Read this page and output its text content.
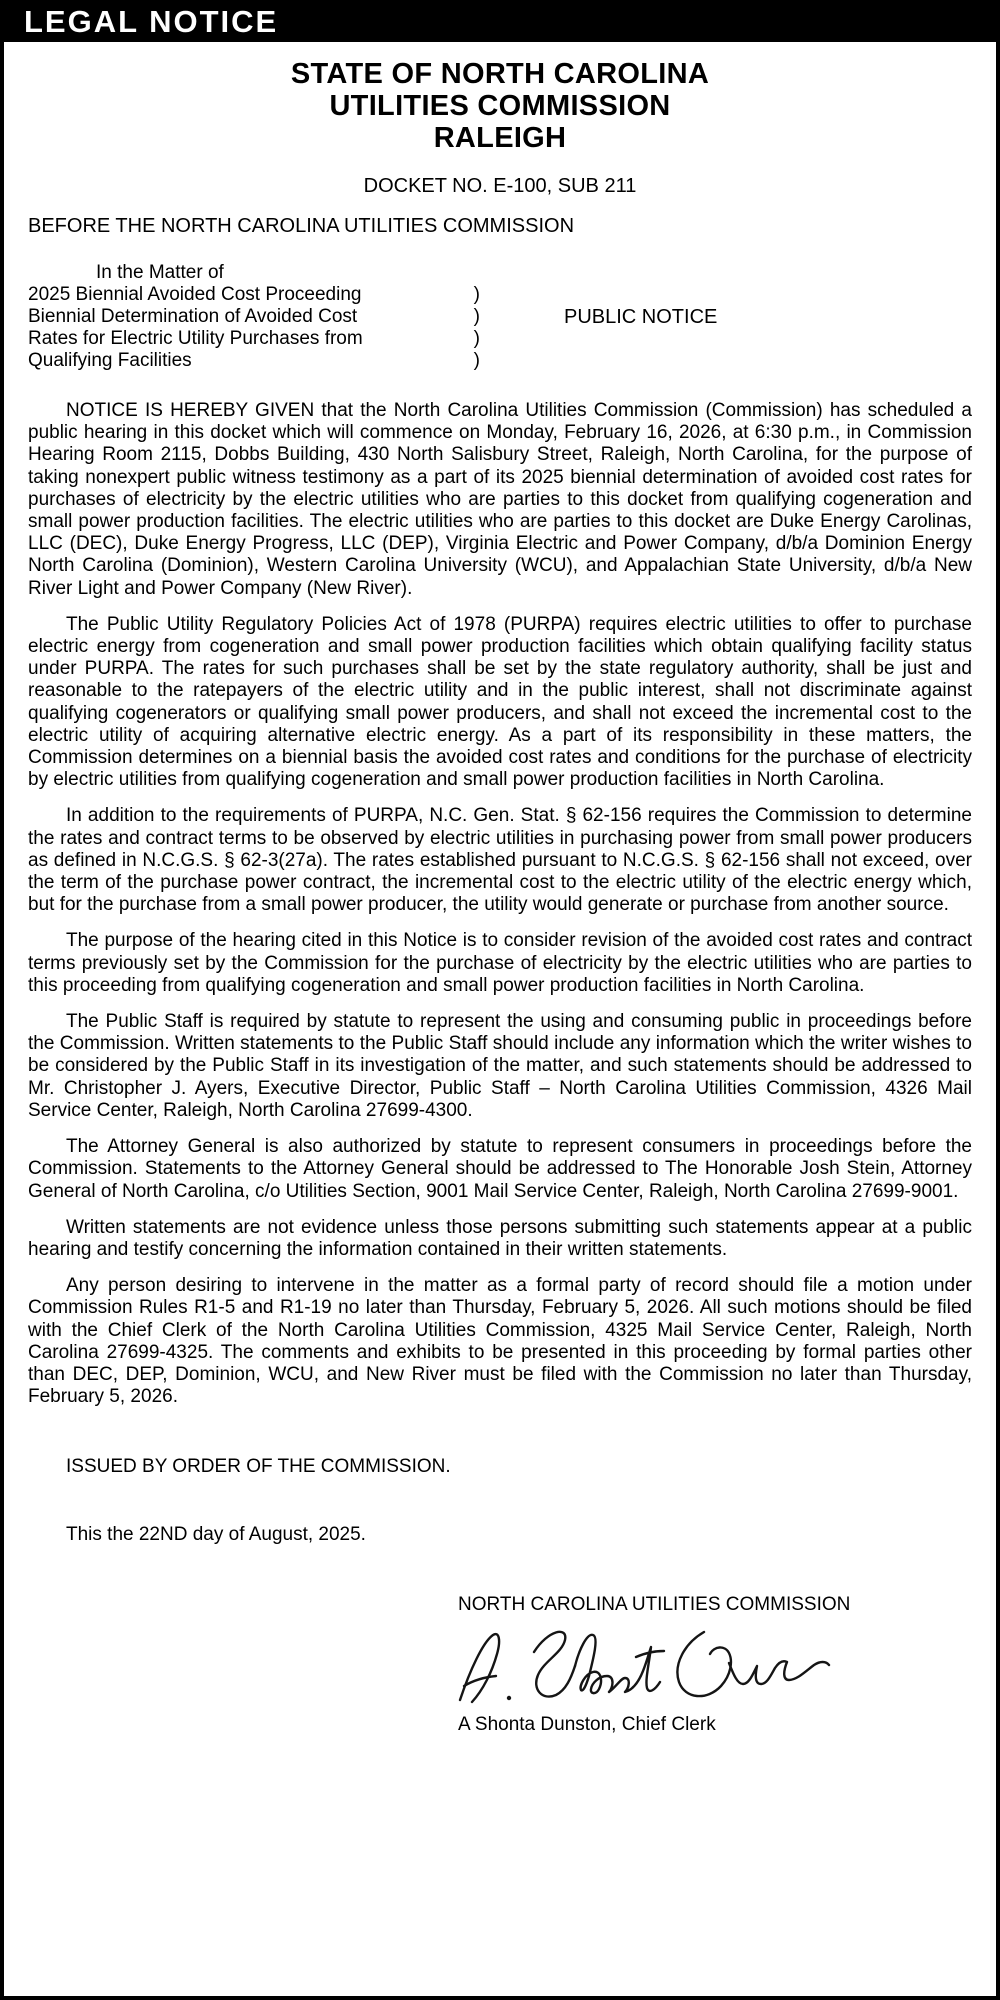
LEGAL NOTICE
STATE OF NORTH CAROLINA
UTILITIES COMMISSION
RALEIGH
DOCKET NO. E-100, SUB 211
BEFORE THE NORTH CAROLINA UTILITIES COMMISSION
In the Matter of
2025 Biennial Avoided Cost Proceeding	)
Biennial Determination of Avoided Cost	)
Rates for Electric Utility Purchases from	)
Qualifying Facilities	)
PUBLIC NOTICE

NOTICE IS HEREBY GIVEN that the North Carolina Utilities Commission (Commission) has scheduled a public hearing in this docket which will commence on Monday, February 16, 2026, at 6:30 p.m., in Commission Hearing Room 2115, Dobbs Building, 430 North Salisbury Street, Raleigh, North Carolina, for the purpose of taking nonexpert public witness testimony as a part of its 2025 biennial determination of avoided cost rates for purchases of electricity by the electric utilities who are parties to this docket from qualifying cogeneration and small power production facilities. The electric utilities who are parties to this docket are Duke Energy Carolinas, LLC (DEC), Duke Energy Progress, LLC (DEP), Virginia Electric and Power Company, d/b/a Dominion Energy North Carolina (Dominion), Western Carolina University (WCU), and Appalachian State University, d/b/a New River Light and Power Company (New River).

The Public Utility Regulatory Policies Act of 1978 (PURPA) requires electric utilities to offer to purchase electric energy from cogeneration and small power production facilities which obtain qualifying facility status under PURPA. The rates for such purchases shall be set by the state regulatory authority, shall be just and reasonable to the ratepayers of the electric utility and in the public interest, shall not discriminate against qualifying cogenerators or qualifying small power producers, and shall not exceed the incremental cost to the electric utility of acquiring alternative electric energy. As a part of its responsibility in these matters, the Commission determines on a biennial basis the avoided cost rates and conditions for the purchase of electricity by electric utilities from qualifying cogeneration and small power production facilities in North Carolina.

In addition to the requirements of PURPA, N.C. Gen. Stat. § 62-156 requires the Commission to determine the rates and contract terms to be observed by electric utilities in purchasing power from small power producers as defined in N.C.G.S. § 62-3(27a). The rates established pursuant to N.C.G.S. § 62-156 shall not exceed, over the term of the purchase power contract, the incremental cost to the electric utility of the electric energy which, but for the purchase from a small power producer, the utility would generate or purchase from another source.

The purpose of the hearing cited in this Notice is to consider revision of the avoided cost rates and contract terms previously set by the Commission for the purchase of electricity by the electric utilities who are parties to this proceeding from qualifying cogeneration and small power production facilities in North Carolina.

The Public Staff is required by statute to represent the using and consuming public in proceedings before the Commission. Written statements to the Public Staff should include any information which the writer wishes to be considered by the Public Staff in its investigation of the matter, and such statements should be addressed to Mr. Christopher J. Ayers, Executive Director, Public Staff – North Carolina Utilities Commission, 4326 Mail Service Center, Raleigh, North Carolina 27699-4300.

The Attorney General is also authorized by statute to represent consumers in proceedings before the Commission. Statements to the Attorney General should be addressed to The Honorable Josh Stein, Attorney General of North Carolina, c/o Utilities Section, 9001 Mail Service Center, Raleigh, North Carolina 27699-9001.

Written statements are not evidence unless those persons submitting such statements appear at a public hearing and testify concerning the information contained in their written statements.

Any person desiring to intervene in the matter as a formal party of record should file a motion under Commission Rules R1-5 and R1-19 no later than Thursday, February 5, 2026. All such motions should be filed with the Chief Clerk of the North Carolina Utilities Commission, 4325 Mail Service Center, Raleigh, North Carolina 27699-4325. The comments and exhibits to be presented in this proceeding by formal parties other than DEC, DEP, Dominion, WCU, and New River must be filed with the Commission no later than Thursday, February 5, 2026.

ISSUED BY ORDER OF THE COMMISSION.
This the 22ND day of August, 2025.
NORTH CAROLINA UTILITIES COMMISSION
A Shonta Dunston, Chief Clerk
